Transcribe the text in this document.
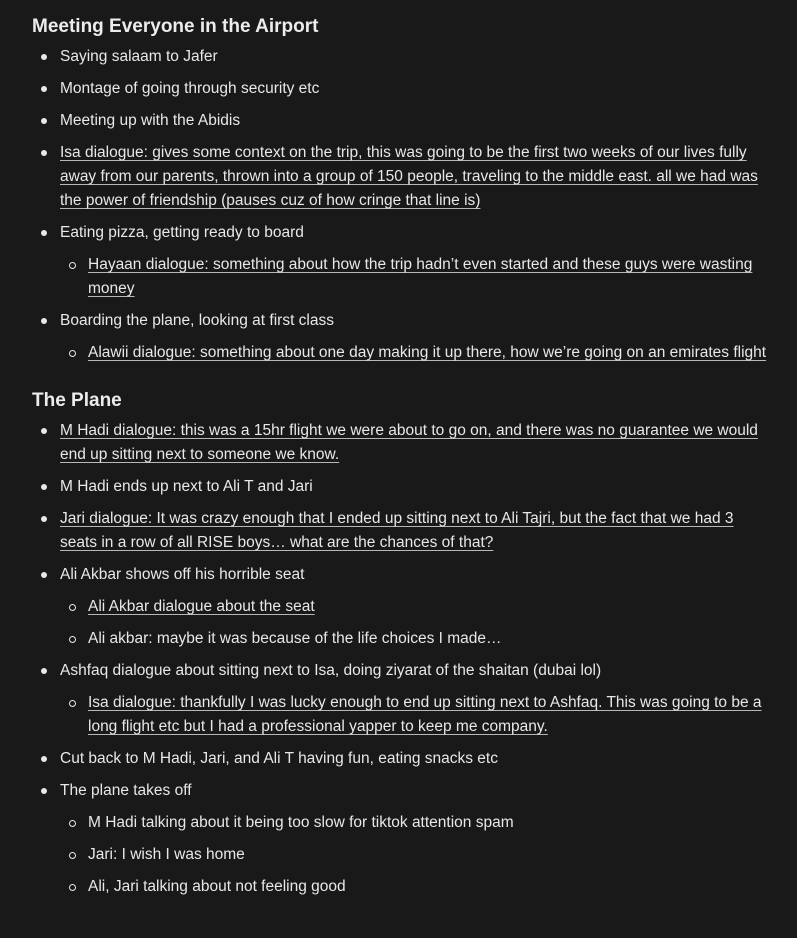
Meeting Everyone in the Airport
Saying salaam to Jafer
Montage of going through security etc
Meeting up with the Abidis
Isa dialogue: gives some context on the trip, this was going to be the first two weeks of our lives fully away from our parents, thrown into a group of 150 people, traveling to the middle east. all we had was the power of friendship (pauses cuz of how cringe that line is)
Eating pizza, getting ready to board
Hayaan dialogue: something about how the trip hadn’t even started and these guys were wasting money
Boarding the plane, looking at first class
Alawii dialogue: something about one day making it up there, how we’re going on an emirates flight
The Plane
M Hadi dialogue: this was a 15hr flight we were about to go on, and there was no guarantee we would end up sitting next to someone we know.
M Hadi ends up next to Ali T and Jari
Jari dialogue: It was crazy enough that I ended up sitting next to Ali Tajri, but the fact that we had 3 seats in a row of all RISE boys… what are the chances of that?
Ali Akbar shows off his horrible seat
Ali Akbar dialogue about the seat
Ali akbar: maybe it was because of the life choices I made…
Ashfaq dialogue about sitting next to Isa, doing ziyarat of the shaitan (dubai lol)
Isa dialogue: thankfully I was lucky enough to end up sitting next to Ashfaq. This was going to be a long flight etc but I had a professional yapper to keep me company.
Cut back to M Hadi, Jari, and Ali T having fun, eating snacks etc
The plane takes off
M Hadi talking about it being too slow for tiktok attention spam
Jari: I wish I was home
Ali, Jari talking about not feeling good
